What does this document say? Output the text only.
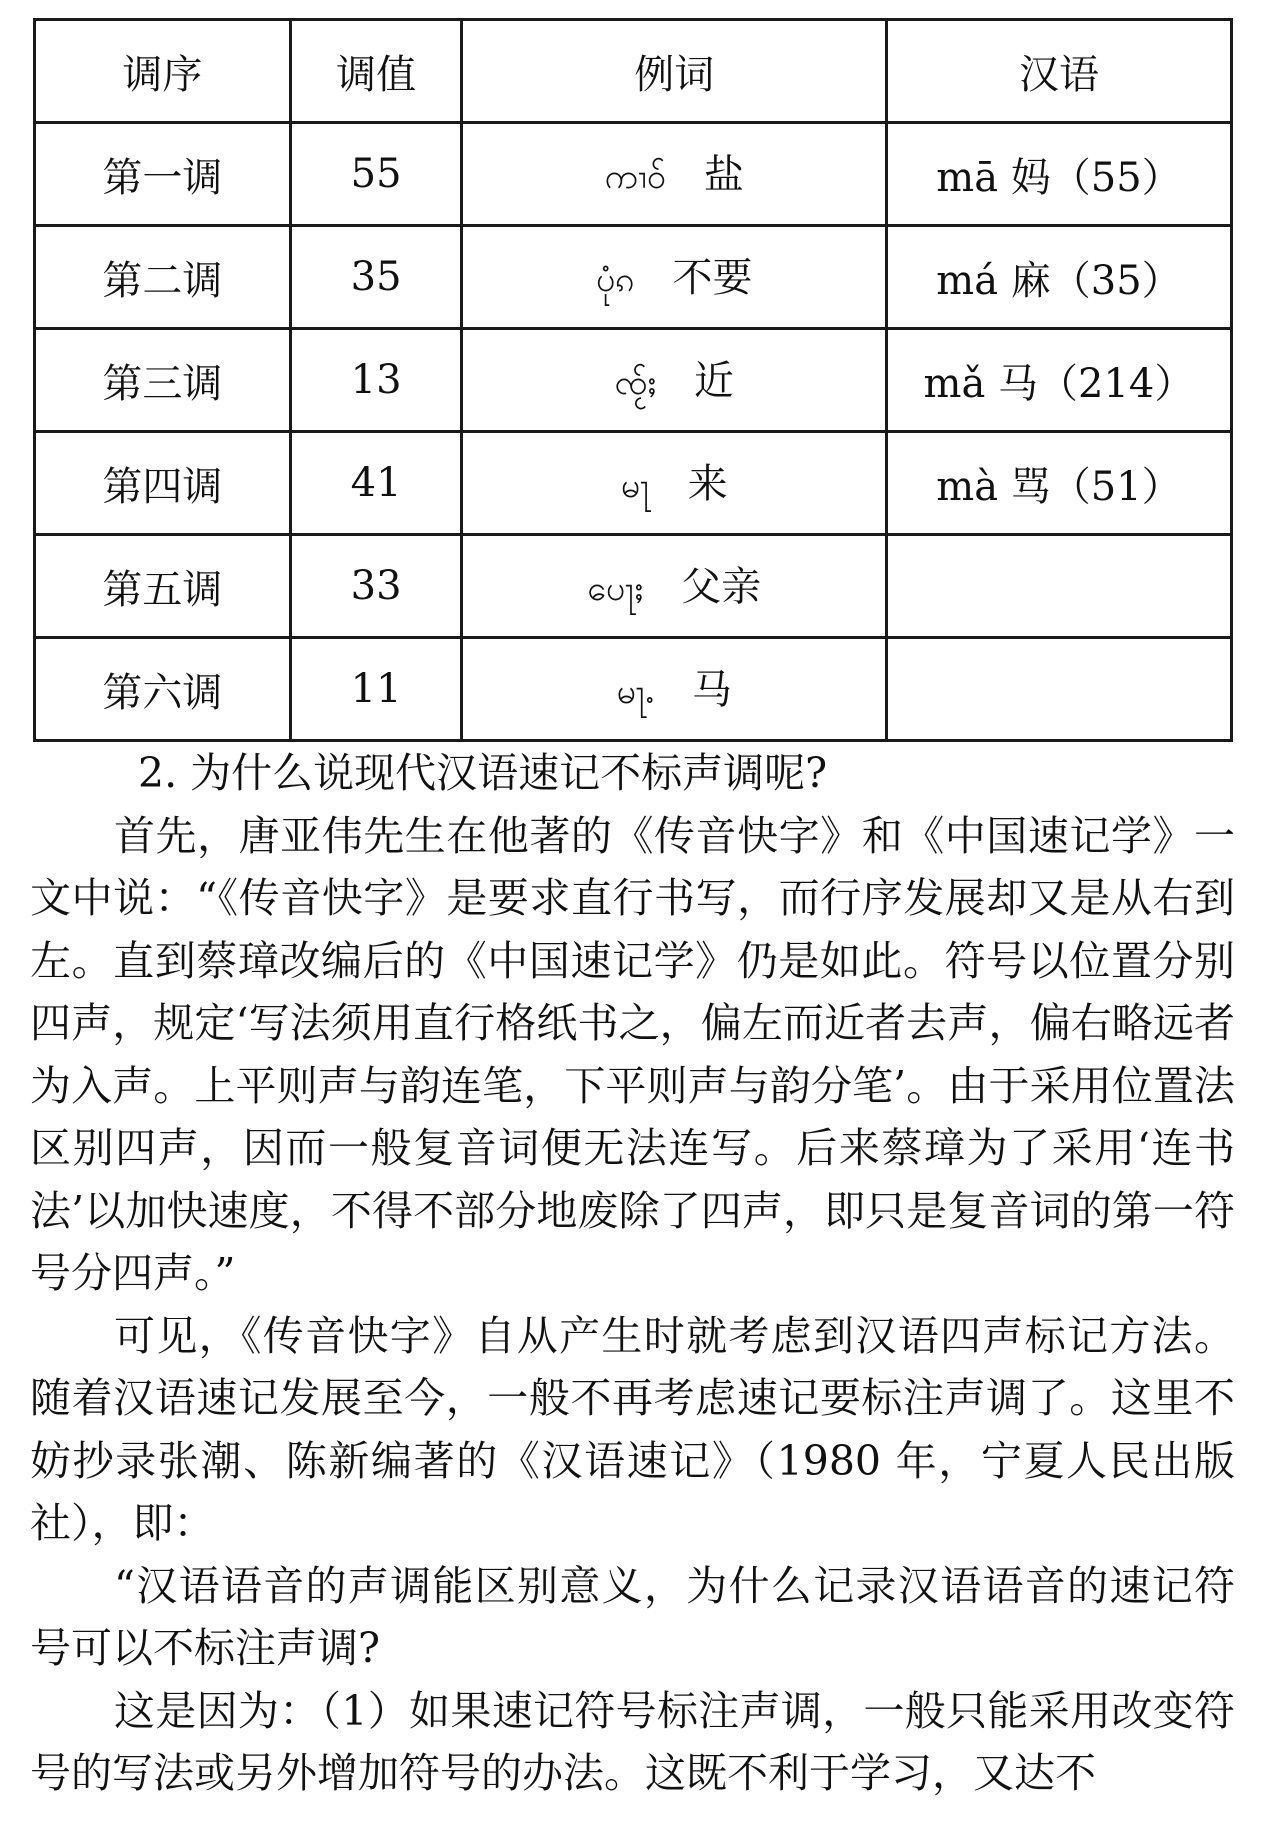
调序	调值	例词	汉语
第一调	55	ကၢဝ် 盐	mā 妈（55）
第二调	35	ပုံၵ 不要	má 麻（35）
第三调	13	ၸႂ်ႈ 近	mǎ 马（214）
第四调	41	မႃ 来	mà 骂（51）
第五调	33	ပေႃႈ 父亲	
第六调	11	မႃႉ 马	

2. 为什么说现代汉语速记不标声调呢?

首先，唐亚伟先生在他著的《传音快字》和《中国速记学》一文中说：“《传音快字》是要求直行书写，而行序发展却又是从右到左。直到蔡璋改编后的《中国速记学》仍是如此。符号以位置分别四声，规定‘写法须用直行格纸书之，偏左而近者去声，偏右略远者为入声。上平则声与韵连笔，下平则声与韵分笔’。由于采用位置法区别四声，因而一般复音词便无法连写。后来蔡璋为了采用‘连书法’以加快速度，不得不部分地废除了四声，即只是复音词的第一符号分四声。”

可见，《传音快字》自从产生时就考虑到汉语四声标记方法。随着汉语速记发展至今，一般不再考虑速记要标注声调了。这里不妨抄录张潮、陈新编著的《汉语速记》（1980 年，宁夏人民出版社），即：

“汉语语音的声调能区别意义，为什么记录汉语语音的速记符号可以不标注声调?

这是因为：（1）如果速记符号标注声调，一般只能采用改变符号的写法或另外增加符号的办法。这既不利于学习，又达不
